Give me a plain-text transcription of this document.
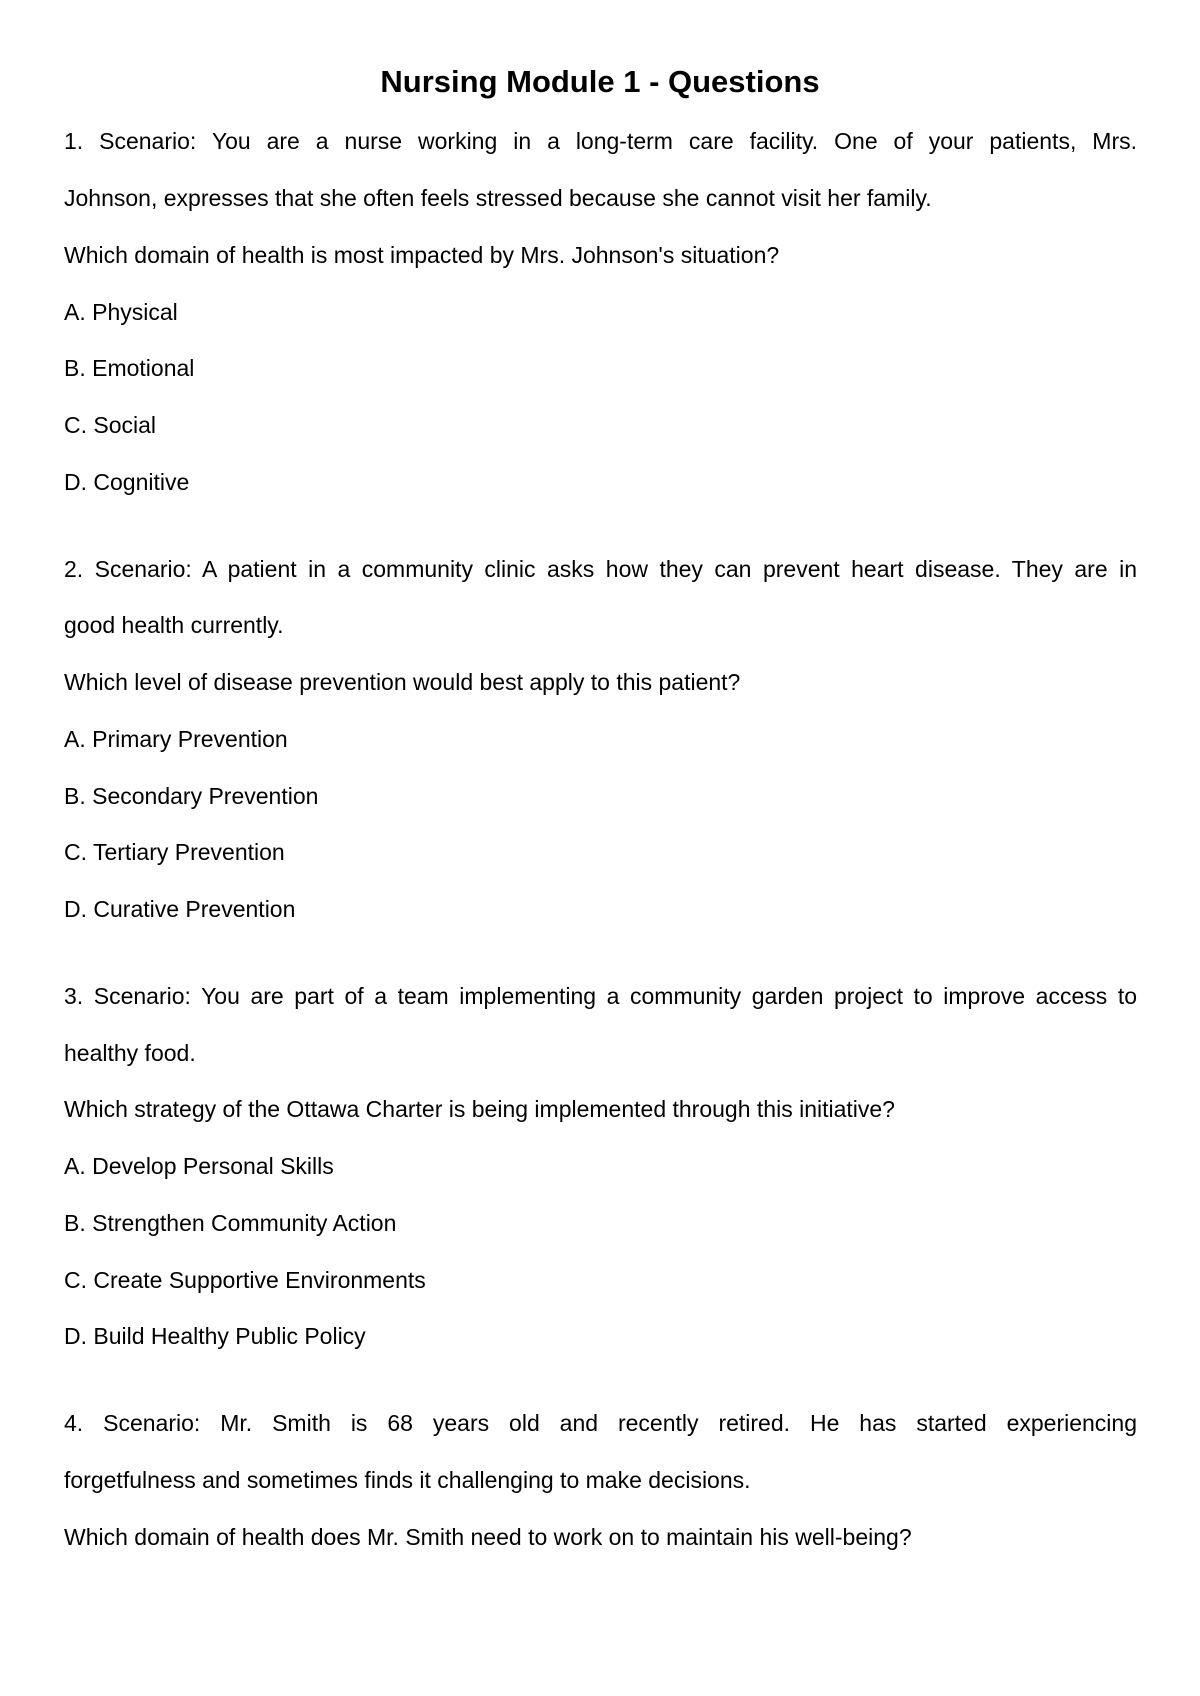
Nursing Module 1 - Questions

1. Scenario: You are a nurse working in a long-term care facility. One of your patients, Mrs.

Johnson, expresses that she often feels stressed because she cannot visit her family.

Which domain of health is most impacted by Mrs. Johnson's situation?

A. Physical

B. Emotional

C. Social

D. Cognitive

2. Scenario: A patient in a community clinic asks how they can prevent heart disease. They are in

good health currently.

Which level of disease prevention would best apply to this patient?

A. Primary Prevention

B. Secondary Prevention

C. Tertiary Prevention

D. Curative Prevention

3. Scenario: You are part of a team implementing a community garden project to improve access to

healthy food.

Which strategy of the Ottawa Charter is being implemented through this initiative?

A. Develop Personal Skills

B. Strengthen Community Action

C. Create Supportive Environments

D. Build Healthy Public Policy

4. Scenario: Mr. Smith is 68 years old and recently retired. He has started experiencing

forgetfulness and sometimes finds it challenging to make decisions.

Which domain of health does Mr. Smith need to work on to maintain his well-being?
